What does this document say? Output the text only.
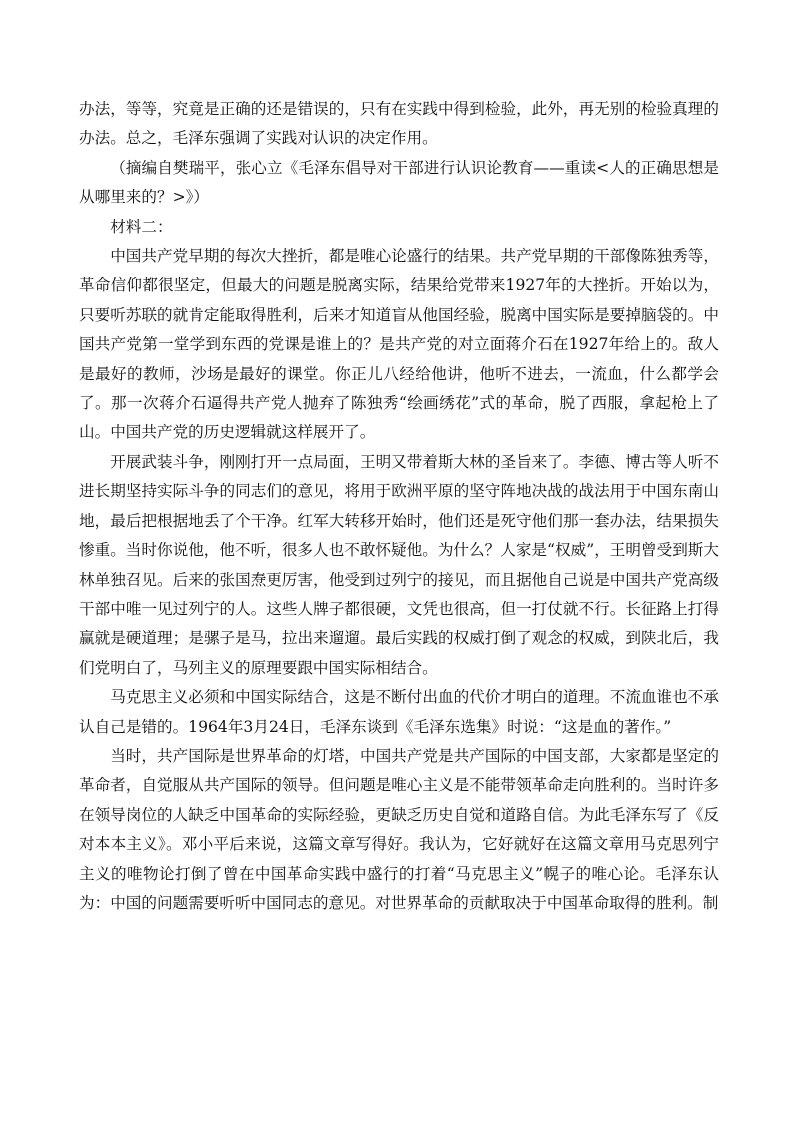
办法，等等，究竟是正确的还是错误的，只有在实践中得到检验，此外，再无别的检验真理的办法。总之，毛泽东强调了实践对认识的决定作用。

（摘编自樊瑞平，张心立《毛泽东倡导对干部进行认识论教育——重读<人的正确思想是从哪里来的？>》）

材料二：

中国共产党早期的每次大挫折，都是唯心论盛行的结果。共产党早期的干部像陈独秀等，革命信仰都很坚定，但最大的问题是脱离实际，结果给党带来1927年的大挫折。开始以为，只要听苏联的就肯定能取得胜利，后来才知道盲从他国经验，脱离中国实际是要掉脑袋的。中国共产党第一堂学到东西的党课是谁上的？是共产党的对立面蒋介石在1927年给上的。敌人是最好的教师，沙场是最好的课堂。你正儿八经给他讲，他听不进去，一流血，什么都学会了。那一次蒋介石逼得共产党人抛弃了陈独秀“绘画绣花”式的革命，脱了西服，拿起枪上了山。中国共产党的历史逻辑就这样展开了。

开展武装斗争，刚刚打开一点局面，王明又带着斯大林的圣旨来了。李德、博古等人听不进长期坚持实际斗争的同志们的意见，将用于欧洲平原的坚守阵地决战的战法用于中国东南山地，最后把根据地丢了个干净。红军大转移开始时，他们还是死守他们那一套办法，结果损失惨重。当时你说他，他不听，很多人也不敢怀疑他。为什么？人家是“权威”，王明曾受到斯大林单独召见。后来的张国焘更厉害，他受到过列宁的接见，而且据他自己说是中国共产党高级干部中唯一见过列宁的人。这些人牌子都很硬，文凭也很高，但一打仗就不行。长征路上打得赢就是硬道理；是骡子是马，拉出来遛遛。最后实践的权威打倒了观念的权威，到陕北后，我们党明白了，马列主义的原理要跟中国实际相结合。

马克思主义必须和中国实际结合，这是不断付出血的代价才明白的道理。不流血谁也不承认自己是错的。1964年3月24日，毛泽东谈到《毛泽东选集》时说：“这是血的著作。”

当时，共产国际是世界革命的灯塔，中国共产党是共产国际的中国支部，大家都是坚定的革命者，自觉服从共产国际的领导。但问题是唯心主义是不能带领革命走向胜利的。当时许多在领导岗位的人缺乏中国革命的实际经验，更缺乏历史自觉和道路自信。为此毛泽东写了《反对本本主义》。邓小平后来说，这篇文章写得好。我认为，它好就好在这篇文章用马克思列宁主义的唯物论打倒了曾在中国革命实践中盛行的打着“马克思主义”幌子的唯心论。毛泽东认为：中国的问题需要听听中国同志的意见。对世界革命的贡献取决于中国革命取得的胜利。制
